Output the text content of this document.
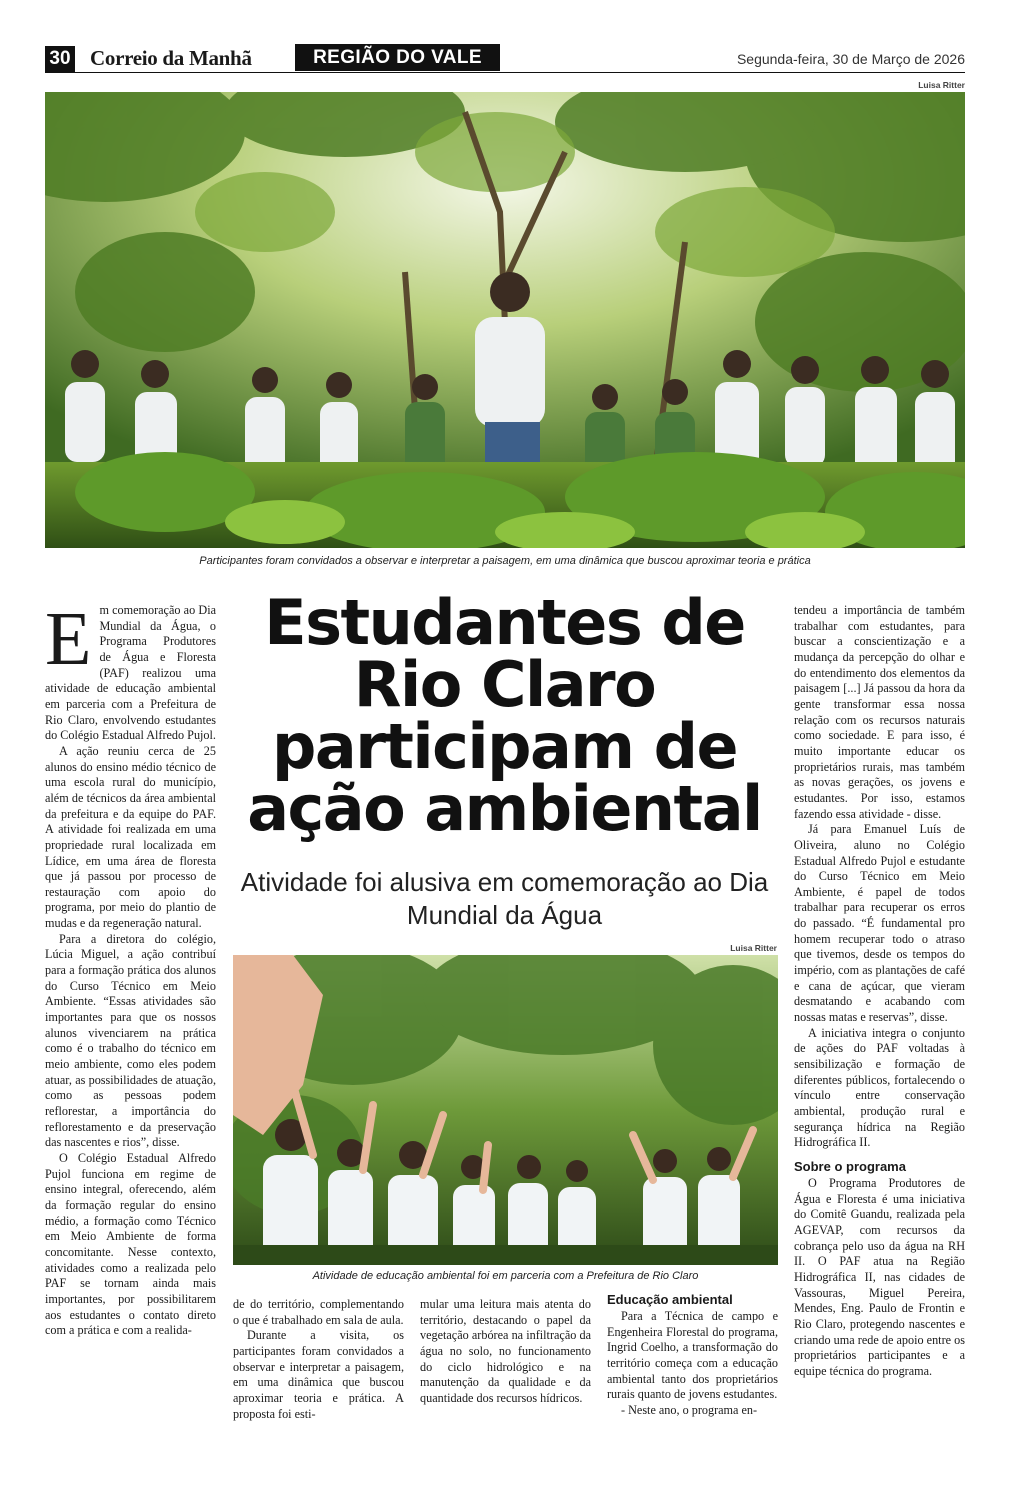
30 Correio da Manhã	REGIÃO DO VALE	Segunda-feira, 30 de Março de 2026
Luisa Ritter
Participantes foram convidados a observar e interpretar a paisagem, em uma dinâmica que buscou aproximar teoria e prática
Estudantes de Rio Claro participam de ação ambiental
Atividade foi alusiva em comemoração ao Dia Mundial da Água
Luisa Ritter
Atividade de educação ambiental foi em parceria com a Prefeitura de Rio Claro
E m comemoração ao Dia Mundial da Água, o Programa Produtores de Água e Floresta (PAF) realizou uma atividade de educação ambiental em parceria com a Prefeitura de Rio Claro, envolvendo estudantes do Colégio Estadual Alfredo Pujol.

A ação reuniu cerca de 25 alunos do ensino médio técnico de uma escola rural do município, além de técnicos da área ambiental da prefeitura e da equipe do PAF. A atividade foi realizada em uma propriedade rural localizada em Lídice, em uma área de floresta que já passou por processo de restauração com apoio do programa, por meio do plantio de mudas e da regeneração natural.

Para a diretora do colégio, Lúcia Miguel, a ação contribuí para a formação prática dos alunos do Curso Técnico em Meio Ambiente. “Essas atividades são importantes para que os nossos alunos vivenciarem na prática como é o trabalho do técnico em meio ambiente, como eles podem atuar, as possibilidades de atuação, como as pessoas podem reflorestar, a importância do reflorestamento e da preservação das nascentes e rios”, disse.

O Colégio Estadual Alfredo Pujol funciona em regime de ensino integral, oferecendo, além da formação regular do ensino médio, a formação como Técnico em Meio Ambiente de forma concomitante. Nesse contexto, atividades como a realizada pelo PAF se tornam ainda mais importantes, por possibilitarem aos estudantes o contato direto com a prática e com a realida-

de do território, complementando o que é trabalhado em sala de aula.

Durante a visita, os participantes foram convidados a observar e interpretar a paisagem, em uma dinâmica que buscou aproximar teoria e prática. A proposta foi esti-

mular uma leitura mais atenta do território, destacando o papel da vegetação arbórea na infiltração da água no solo, no funcionamento do ciclo hidrológico e na manutenção da qualidade e da quantidade dos recursos hídricos.

Educação ambiental

Para a Técnica de campo e Engenheira Florestal do programa, Ingrid Coelho, a transformação do território começa com a educação ambiental tanto dos proprietários rurais quanto de jovens estudantes.

- Neste ano, o programa en-

tendeu a importância de também trabalhar com estudantes, para buscar a conscientização e a mudança da percepção do olhar e do entendimento dos elementos da paisagem [...] Já passou da hora da gente transformar essa nossa relação com os recursos naturais como sociedade. E para isso, é muito importante educar os proprietários rurais, mas também as novas gerações, os jovens e estudantes. Por isso, estamos fazendo essa atividade - disse.

Já para Emanuel Luís de Oliveira, aluno no Colégio Estadual Alfredo Pujol e estudante do Curso Técnico em Meio Ambiente, é papel de todos trabalhar para recuperar os erros do passado. “É fundamental pro homem recuperar todo o atraso que tivemos, desde os tempos do império, com as plantações de café e cana de açúcar, que vieram desmatando e acabando com nossas matas e reservas”, disse.

A iniciativa integra o conjunto de ações do PAF voltadas à sensibilização e formação de diferentes públicos, fortalecendo o vínculo entre conservação ambiental, produção rural e segurança hídrica na Região Hidrográfica II.

Sobre o programa

O Programa Produtores de Água e Floresta é uma iniciativa do Comitê Guandu, realizada pela AGEVAP, com recursos da cobrança pelo uso da água na RH II. O PAF atua na Região Hidrográfica II, nas cidades de Vassouras, Miguel Pereira, Mendes, Eng. Paulo de Frontin e Rio Claro, protegendo nascentes e criando uma rede de apoio entre os proprietários participantes e a equipe técnica do programa.
